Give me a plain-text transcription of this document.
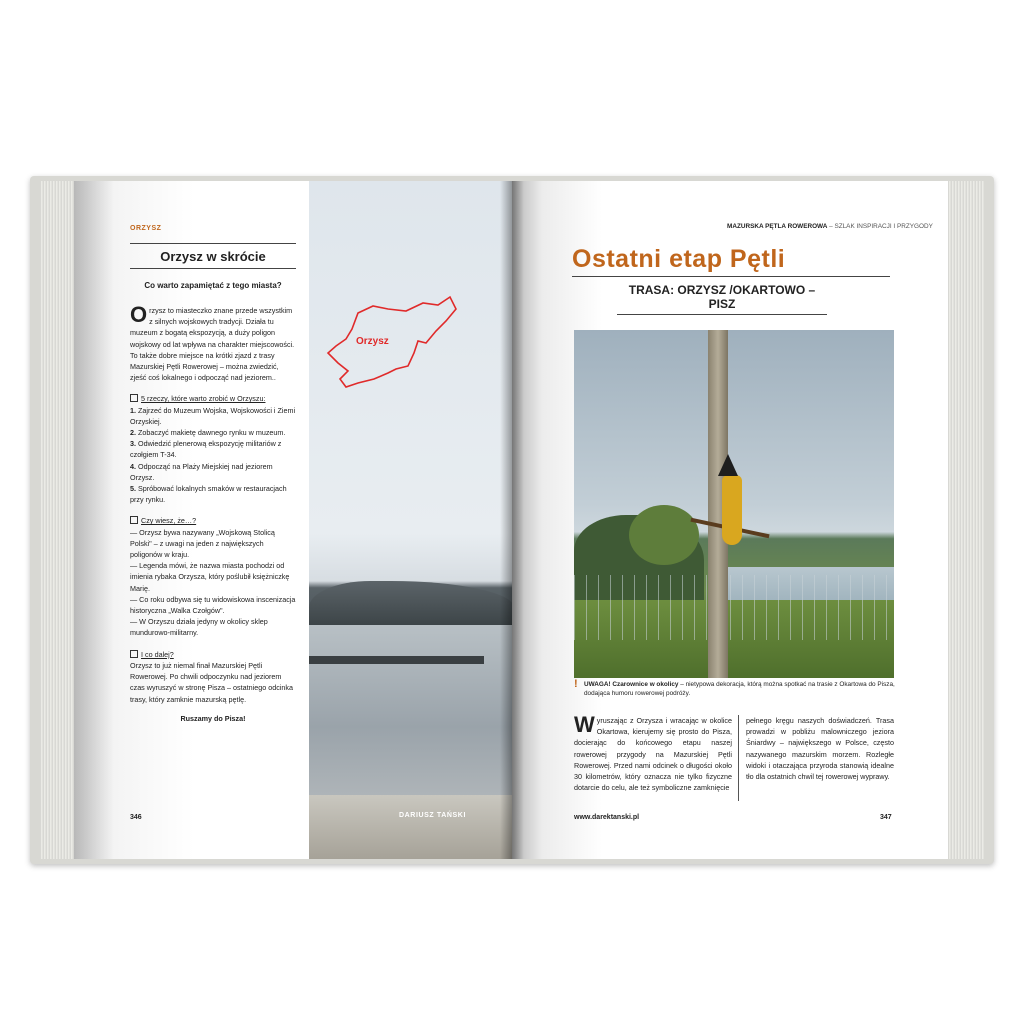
ORZYSZ
Orzysz w skrócie
Co warto zapamiętać z tego miasta?
Orzysz to miasteczko znane przede wszystkim z silnych wojskowych tradycji. Działa tu muzeum z bogatą ekspozycją, a duży poligon wojskowy od lat wpływa na charakter miejscowości. To także dobre miejsce na krótki zjazd z trasy Mazurskiej Pętli Rowerowej – można zwiedzić, zjeść coś lokalnego i odpocząć nad jeziorem..
5 rzeczy, które warto zrobić w Orzyszu:
1. Zajrzeć do Muzeum Wojska, Wojskowości i Ziemi Orzyskiej.
2. Zobaczyć makietę dawnego rynku w muzeum.
3. Odwiedzić plenerową ekspozycję militariów z czołgiem T-34.
4. Odpocząć na Plaży Miejskiej nad jeziorem Orzysz.
5. Spróbować lokalnych smaków w restauracjach przy rynku.
Czy wiesz, że…?
— Orzysz bywa nazywany „Wojskową Stolicą Polski" – z uwagi na jeden z największych poligonów w kraju.
— Legenda mówi, że nazwa miasta pochodzi od imienia rybaka Orzysza, który poślubił księżniczkę Marię.
— Co roku odbywa się tu widowiskowa inscenizacja historyczna „Walka Czołgów".
— W Orzyszu działa jedyny w okolicy sklep mundurowo-militarny.
I co dalej?
Orzysz to już niemal finał Mazurskiej Pętli Rowerowej. Po chwili odpoczynku nad jeziorem czas wyruszyć w stronę Pisza – ostatniego odcinka trasy, który zamknie mazurską pętlę.
Ruszamy do Pisza!
346
Orzysz
DARIUSZ TAŃSKI
MAZURSKA PĘTLA ROWEROWA – SZLAK INSPIRACJI I PRZYGODY
Ostatni etap Pętli
TRASA: ORZYSZ /OKARTOWO – PISZ
! UWAGA! Czarownice w okolicy – nietypowa dekoracja, którą można spotkać na trasie z Okartowa do Pisza, dodająca humoru rowerowej podróży.
Wyruszając z Orzysza i wracając w okolice Okartowa, kierujemy się prosto do Pisza, docierając do końcowego etapu naszej rowerowej przygody na Mazurskiej Pętli Rowerowej. Przed nami odcinek o długości około 30 kilometrów, który oznacza nie tylko fizyczne dotarcie do celu, ale też symboliczne zamknięcie
pełnego kręgu naszych doświadczeń. Trasa prowadzi w pobliżu malowniczego jeziora Śniardwy – największego w Polsce, często nazywanego mazurskim morzem. Rozległe widoki i otaczająca przyroda stanowią idealne tło dla ostatnich chwil tej rowerowej wyprawy.
www.darektanski.pl	347
